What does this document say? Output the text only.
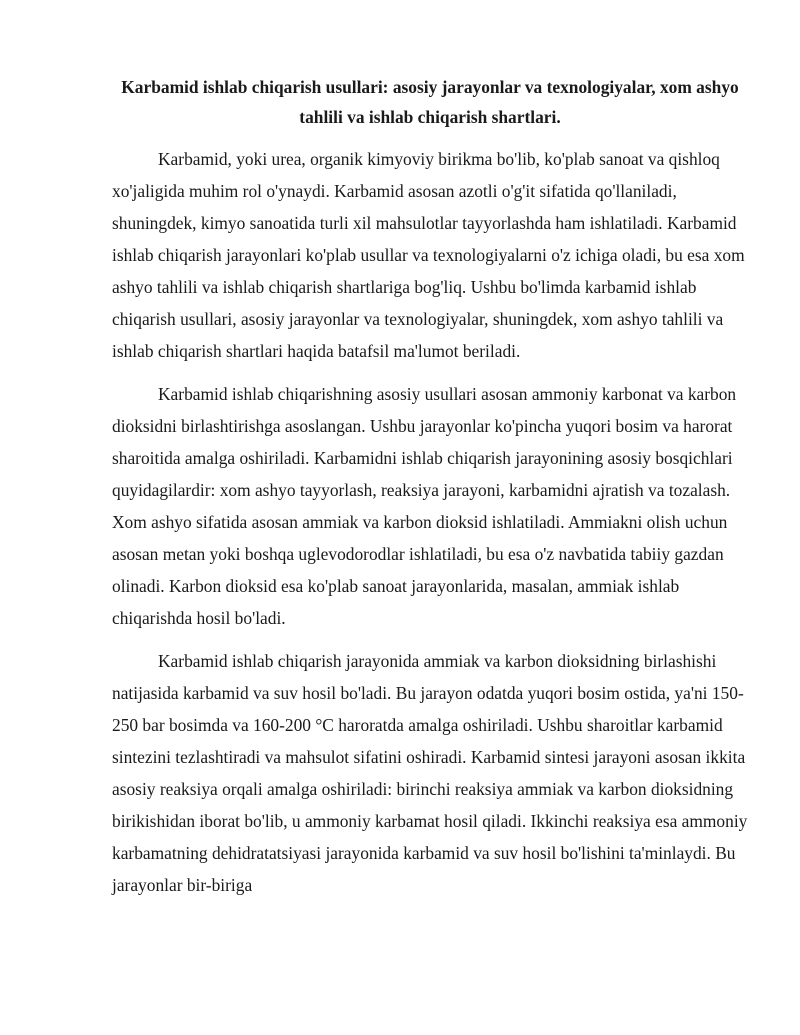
Karbamid ishlab chiqarish usullari: asosiy jarayonlar va texnologiyalar, xom ashyo tahlili va ishlab chiqarish shartlari.

Karbamid, yoki urea, organik kimyoviy birikma bo'lib, ko'plab sanoat va qishloq xo'jaligida muhim rol o'ynaydi. Karbamid asosan azotli o'g'it sifatida qo'llaniladi, shuningdek, kimyo sanoatida turli xil mahsulotlar tayyorlashda ham ishlatiladi. Karbamid ishlab chiqarish jarayonlari ko'plab usullar va texnologiyalarni o'z ichiga oladi, bu esa xom ashyo tahlili va ishlab chiqarish shartlariga bog'liq. Ushbu bo'limda karbamid ishlab chiqarish usullari, asosiy jarayonlar va texnologiyalar, shuningdek, xom ashyo tahlili va ishlab chiqarish shartlari haqida batafsil ma'lumot beriladi.

Karbamid ishlab chiqarishning asosiy usullari asosan ammoniy karbonat va karbon dioksidni birlashtirishga asoslangan. Ushbu jarayonlar ko'pincha yuqori bosim va harorat sharoitida amalga oshiriladi. Karbamidni ishlab chiqarish jarayonining asosiy bosqichlari quyidagilardir: xom ashyo tayyorlash, reaksiya jarayoni, karbamidni ajratish va tozalash. Xom ashyo sifatida asosan ammiak va karbon dioksid ishlatiladi. Ammiakni olish uchun asosan metan yoki boshqa uglevodorodlar ishlatiladi, bu esa o'z navbatida tabiiy gazdan olinadi. Karbon dioksid esa ko'plab sanoat jarayonlarida, masalan, ammiak ishlab chiqarishda hosil bo'ladi.

Karbamid ishlab chiqarish jarayonida ammiak va karbon dioksidning birlashishi natijasida karbamid va suv hosil bo'ladi. Bu jarayon odatda yuqori bosim ostida, ya'ni 150-250 bar bosimda va 160-200 °C haroratda amalga oshiriladi. Ushbu sharoitlar karbamid sintezini tezlashtiradi va mahsulot sifatini oshiradi. Karbamid sintesi jarayoni asosan ikkita asosiy reaksiya orqali amalga oshiriladi: birinchi reaksiya ammiak va karbon dioksidning birikishidan iborat bo'lib, u ammoniy karbamat hosil qiladi. Ikkinchi reaksiya esa ammoniy karbamatning dehidratatsiyasi jarayonida karbamid va suv hosil bo'lishini ta'minlaydi. Bu jarayonlar bir-biriga
